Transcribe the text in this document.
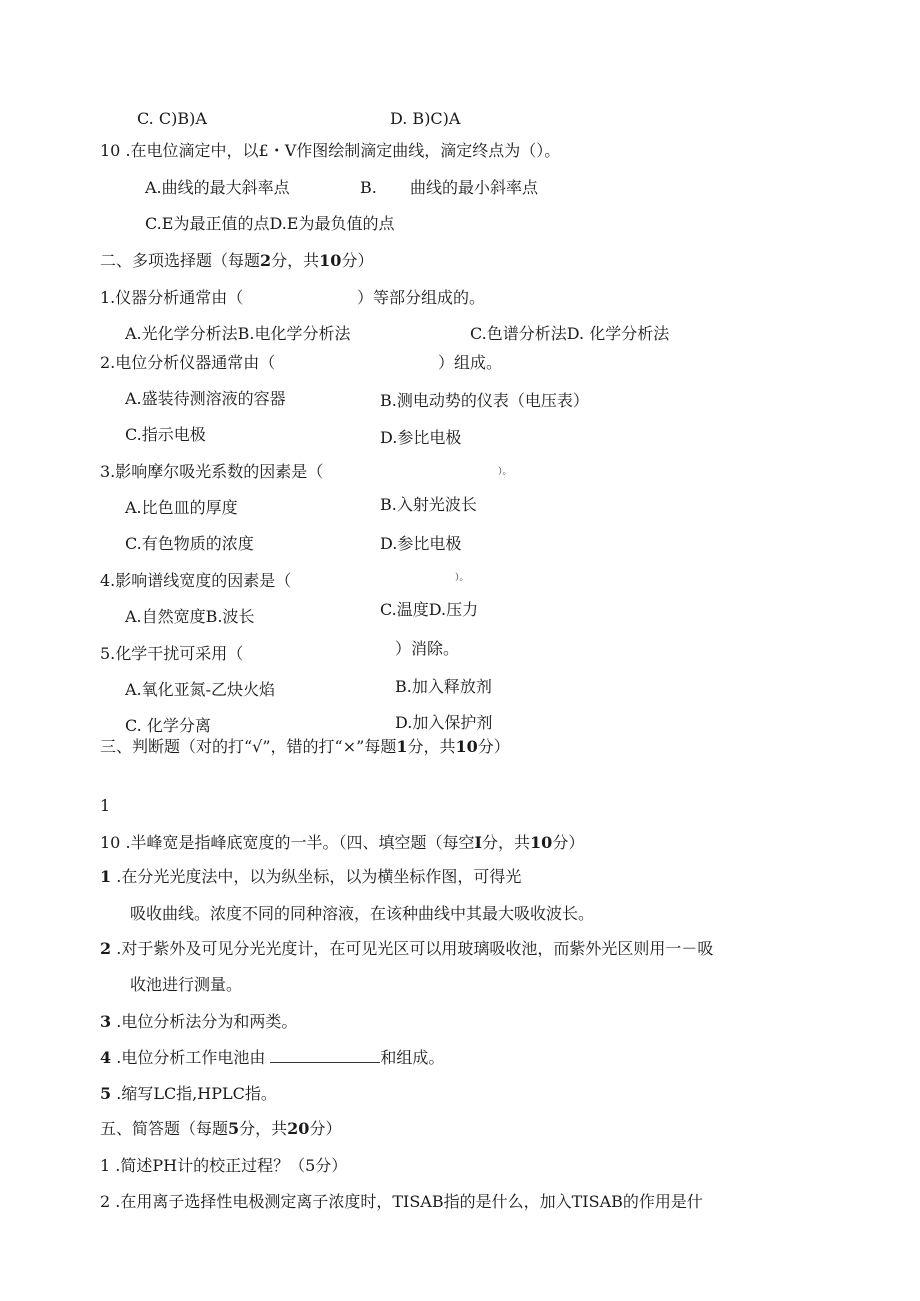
C. C)B)A	D. B)C)A
10 .在电位滴定中，以£・V作图绘制滴定曲线，滴定终点为（）。
A.曲线的最大斜率点	B. 曲线的最小斜率点
C.E为最正值的点D.E为最负值的点
二、多项选择题（每题2分，共10分）
1.仪器分析通常由（	）等部分组成的。
A.光化学分析法B.电化学分析法	C.色谱分析法D. 化学分析法
2.电位分析仪器通常由（	）组成。
A.盛装待测溶液的容器	B.测电动势的仪表（电压表）
C.指示电极	D.参比电极
3.影响摩尔吸光系数的因素是（	）。
A.比色皿的厚度	B.入射光波长
C.有色物质的浓度	D.参比电极
4.影响谱线宽度的因素是（	）。
A.自然宽度B.波长	C.温度D.压力
5.化学干扰可采用（	）消除。
A.氧化亚氮-乙炔火焰	B.加入释放剂
C. 化学分离	D.加入保护剂
三、判断题（对的打“√”，错的打“×”每题1分，共10分）
1
10 .半峰宽是指峰底宽度的一半。（四、填空题（每空I分，共10分）
1 .在分光光度法中，以为纵坐标，以为横坐标作图，可得光
吸收曲线。浓度不同的同种溶液，在该种曲线中其最大吸收波长。
2 .对于紫外及可见分光光度计，在可见光区可以用玻璃吸收池，而紫外光区则用一－吸
收池进行测量。
3 .电位分析法分为和两类。
4 .电位分析工作电池由	和组成。
5 .缩写LC指,HPLC指。
五、简答题（每题5分，共20分）
1 .简述PH计的校正过程？（5分）
2 .在用离子选择性电极测定离子浓度时，TISAB指的是什么，加入TISAB的作用是什
